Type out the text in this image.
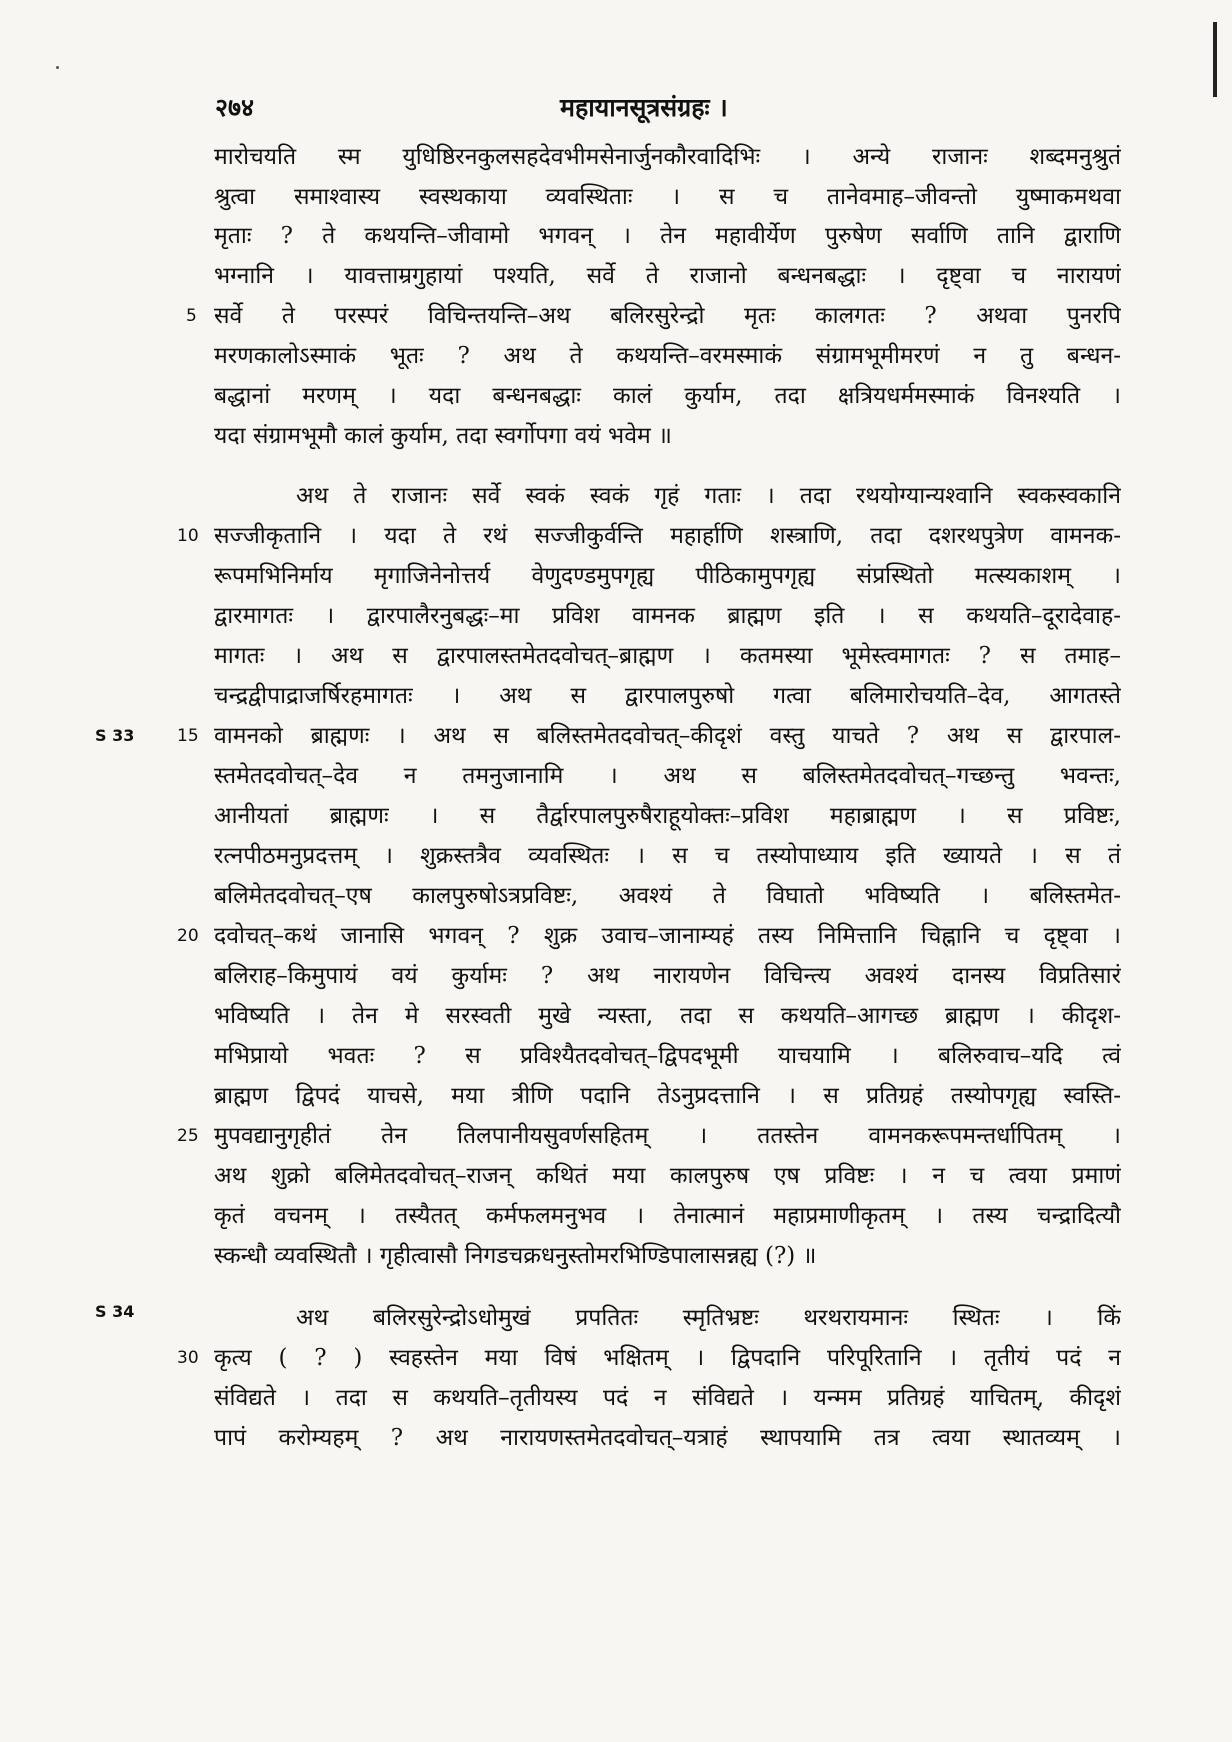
२७४	महायानसूत्रसंग्रहः ।
मारोचयति स्म युधिष्ठिरनकुलसहदेवभीमसेनार्जुनकौरवादिभिः । अन्ये राजानः शब्दमनुश्रुतं
श्रुत्वा समाश्वास्य स्वस्थकाया व्यवस्थिताः । स च तानेवमाह–जीवन्तो युष्माकमथवा
मृताः ? ते कथयन्ति–जीवामो भगवन् । तेन महावीर्येण पुरुषेण सर्वाणि तानि द्वाराणि
भग्नानि । यावत्ताम्रगुहायां पश्यति, सर्वे ते राजानो बन्धनबद्धाः । दृष्ट्वा च नारायणं
सर्वे ते परस्परं विचिन्तयन्ति–अथ बलिरसुरेन्द्रो मृतः कालगतः ? अथवा पुनरपि
मरणकालोऽस्माकं भूतः ? अथ ते कथयन्ति–वरमस्माकं संग्रामभूमीमरणं न तु बन्धन-
बद्धानां मरणम् । यदा बन्धनबद्धाः कालं कुर्याम, तदा क्षत्रियधर्ममस्माकं विनश्यति ।
यदा संग्रामभूमौ कालं कुर्याम, तदा स्वर्गोपगा वयं भवेम ॥
अथ ते राजानः सर्वे स्वकं स्वकं गृहं गताः । तदा रथयोग्यान्यश्वानि स्वकस्वकानि
सज्जीकृतानि । यदा ते रथं सज्जीकुर्वन्ति महार्हाणि शस्त्राणि, तदा दशरथपुत्रेण वामनक-
रूपमभिनिर्माय मृगाजिनेनोत्तर्य वेणुदण्डमुपगृह्य पीठिकामुपगृह्य संप्रस्थितो मत्स्यकाशम् ।
द्वारमागतः । द्वारपालैरनुबद्धः–मा प्रविश वामनक ब्राह्मण इति । स कथयति–दूरादेवाह-
मागतः । अथ स द्वारपालस्तमेतदवोचत्–ब्राह्मण । कतमस्या भूमेस्त्वमागतः ? स तमाह–
चन्द्रद्वीपाद्राजर्षिरहमागतः । अथ स द्वारपालपुरुषो गत्वा बलिमारोचयति–देव, आगतस्ते
वामनको ब्राह्मणः । अथ स बलिस्तमेतदवोचत्–कीदृशं वस्तु याचते ? अथ स द्वारपाल-
स्तमेतदवोचत्–देव न तमनुजानामि । अथ स बलिस्तमेतदवोचत्–गच्छन्तु भवन्तः,
आनीयतां ब्राह्मणः । स तैर्द्वारपालपुरुषैराहूयोक्तः–प्रविश महाब्राह्मण । स प्रविष्टः,
रत्नपीठमनुप्रदत्तम् । शुक्रस्तत्रैव व्यवस्थितः । स च तस्योपाध्याय इति ख्यायते । स तं
बलिमेतदवोचत्–एष कालपुरुषोऽत्रप्रविष्टः, अवश्यं ते विघातो भविष्यति । बलिस्तमेत-
दवोचत्–कथं जानासि भगवन् ? शुक्र उवाच–जानाम्यहं तस्य निमित्तानि चिह्नानि च दृष्ट्वा ।
बलिराह–किमुपायं वयं कुर्यामः ? अथ नारायणेन विचिन्त्य अवश्यं दानस्य विप्रतिसारं
भविष्यति । तेन मे सरस्वती मुखे न्यस्ता, तदा स कथयति–आगच्छ ब्राह्मण । कीदृश-
मभिप्रायो भवतः ? स प्रविश्यैतदवोचत्–द्विपदभूमी याचयामि । बलिरुवाच–यदि त्वं
ब्राह्मण द्विपदं याचसे, मया त्रीणि पदानि तेऽनुप्रदत्तानि । स प्रतिग्रहं तस्योपगृह्य स्वस्ति-
मुपवद्यानुगृहीतं तेन तिलपानीयसुवर्णसहितम् । ततस्तेन वामनकरूपमन्तर्धापितम् ।
अथ शुक्रो बलिमेतदवोचत्–राजन् कथितं मया कालपुरुष एष प्रविष्टः । न च त्वया प्रमाणं
कृतं वचनम् । तस्यैतत् कर्मफलमनुभव । तेनात्मानं महाप्रमाणीकृतम् । तस्य चन्द्रादित्यौ
स्कन्धौ व्यवस्थितौ । गृहीत्वासौ निगडचक्रधनुस्तोमरभिण्डिपालासन्नह्य (?) ॥
अथ बलिरसुरेन्द्रोऽधोमुखं प्रपतितः स्मृतिभ्रष्टः थरथरायमानः स्थितः । किं
कृत्य ( ? ) स्वहस्तेन मया विषं भक्षितम् । द्विपदानि परिपूरितानि । तृतीयं पदं न
संविद्यते । तदा स कथयति–तृतीयस्य पदं न संविद्यते । यन्मम प्रतिग्रहं याचितम्, कीदृशं
पापं करोम्यहम् ? अथ नारायणस्तमेतदवोचत्–यत्राहं स्थापयामि तत्र त्वया स्थातव्यम् ।
5
10
15
20
25
30
S 33
S 34
